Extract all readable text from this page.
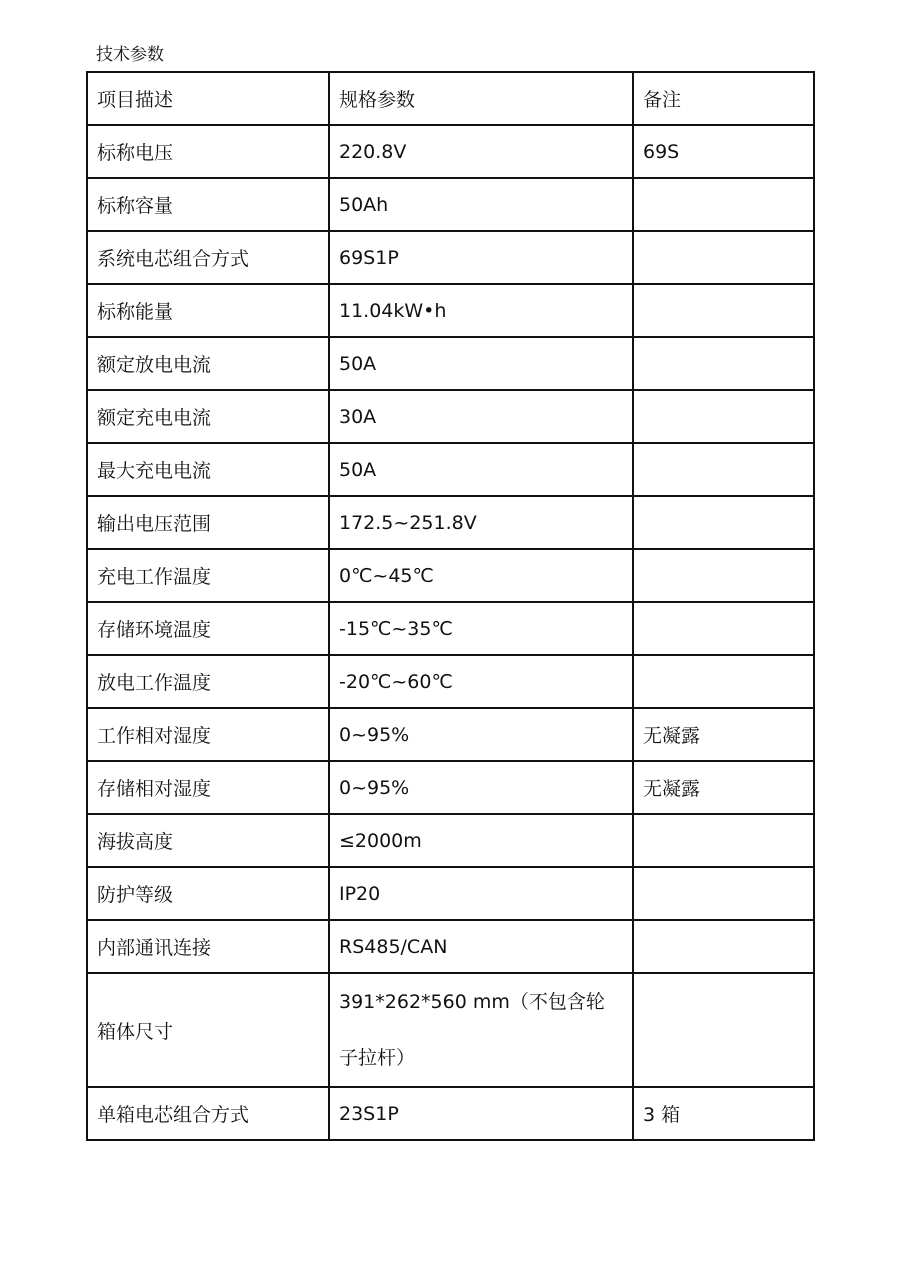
技术参数
项目描述	规格参数	备注
标称电压	220.8V	69S
标称容量	50Ah	
系统电芯组合方式	69S1P	
标称能量	11.04kW•h	
额定放电电流	50A	
额定充电电流	30A	
最大充电电流	50A	
输出电压范围	172.5~251.8V	
充电工作温度	0℃~45℃	
存储环境温度	-15℃~35℃	
放电工作温度	-20℃~60℃	
工作相对湿度	0~95%	无凝露
存储相对湿度	0~95%	无凝露
海拔高度	≤2000m	
防护等级	IP20	
内部通讯连接	RS485/CAN	
箱体尺寸	391*262*560 mm（不包含轮子拉杆）	
单箱电芯组合方式	23S1P	3 箱
